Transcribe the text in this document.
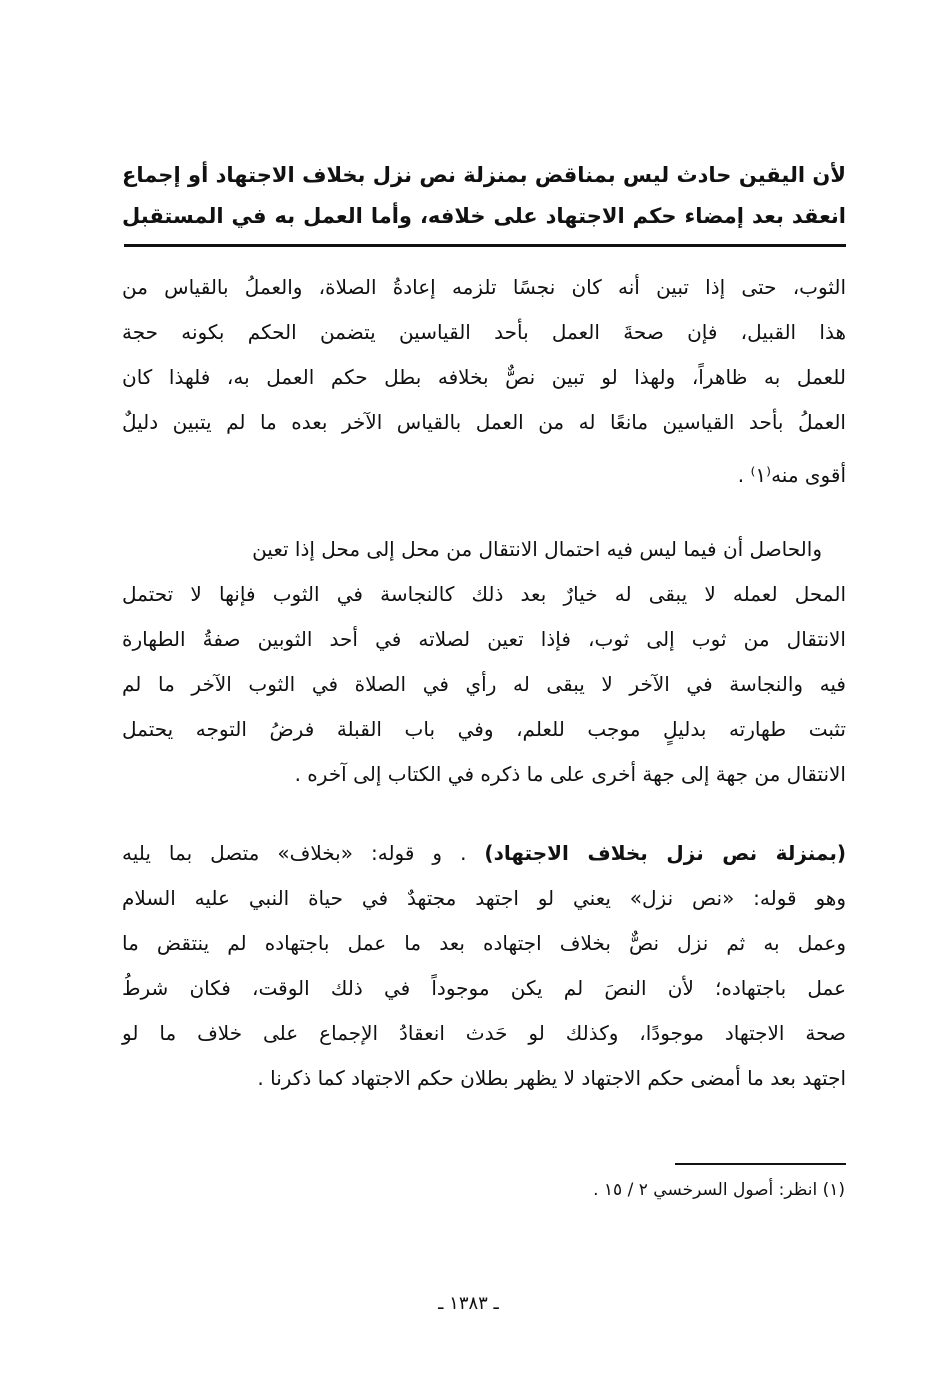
لأن اليقين حادث ليس بمناقض بمنزلة نص نزل بخلاف الاجتهاد أو إجماع
انعقد بعد إمضاء حكم الاجتهاد على خلافه، وأما العمل به في المستقبل
الثوب، حتى إذا تبين أنه كان نجسًا تلزمه إعادةُ الصلاة، والعملُ بالقياس من
هذا القبيل، فإن صحةَ العمل بأحد القياسين يتضمن الحكم بكونه حجة
للعمل به ظاهراً، ولهذا لو تبين نصٌّ بخلافه بطل حكم العمل به، فلهذا كان
العملُ بأحد القياسين مانعًا له من العمل بالقياس الآخر بعده ما لم يتبين دليلٌ
أقوى منه⁽١⁾ .
والحاصل أن فيما ليس فيه احتمال الانتقال من محل إلى محل إذا تعين
المحل لعمله لا يبقى له خيارٌ بعد ذلك كالنجاسة في الثوب فإنها لا تحتمل
الانتقال من ثوب إلى ثوب، فإذا تعين لصلاته في أحد الثوبين صفةُ الطهارة
فيه والنجاسة في الآخر لا يبقى له رأي في الصلاة في الثوب الآخر ما لم
تثبت طهارته بدليلٍ موجب للعلم، وفي باب القبلة فرضُ التوجه يحتمل
الانتقال من جهة إلى جهة أخرى على ما ذكره في الكتاب إلى آخره .
(بمنزلة نص نزل بخلاف الاجتهاد) . و قوله: «بخلاف» متصل بما يليه
وهو قوله: «نص نزل» يعني لو اجتهد مجتهدٌ في حياة النبي عليه السلام
وعمل به ثم نزل نصٌّ بخلاف اجتهاده بعد ما عمل باجتهاده لم ينتقض ما
عمل باجتهاده؛ لأن النصَ لم يكن موجوداً في ذلك الوقت، فكان شرطُ
صحة الاجتهاد موجودًا، وكذلك لو حَدث انعقادُ الإجماع على خلاف ما لو
اجتهد بعد ما أمضى حكم الاجتهاد لا يظهر بطلان حكم الاجتهاد كما ذكرنا .
(١) انظر: أصول السرخسي ٢ / ١٥ .
ـ ١٣٨٣ ـ
